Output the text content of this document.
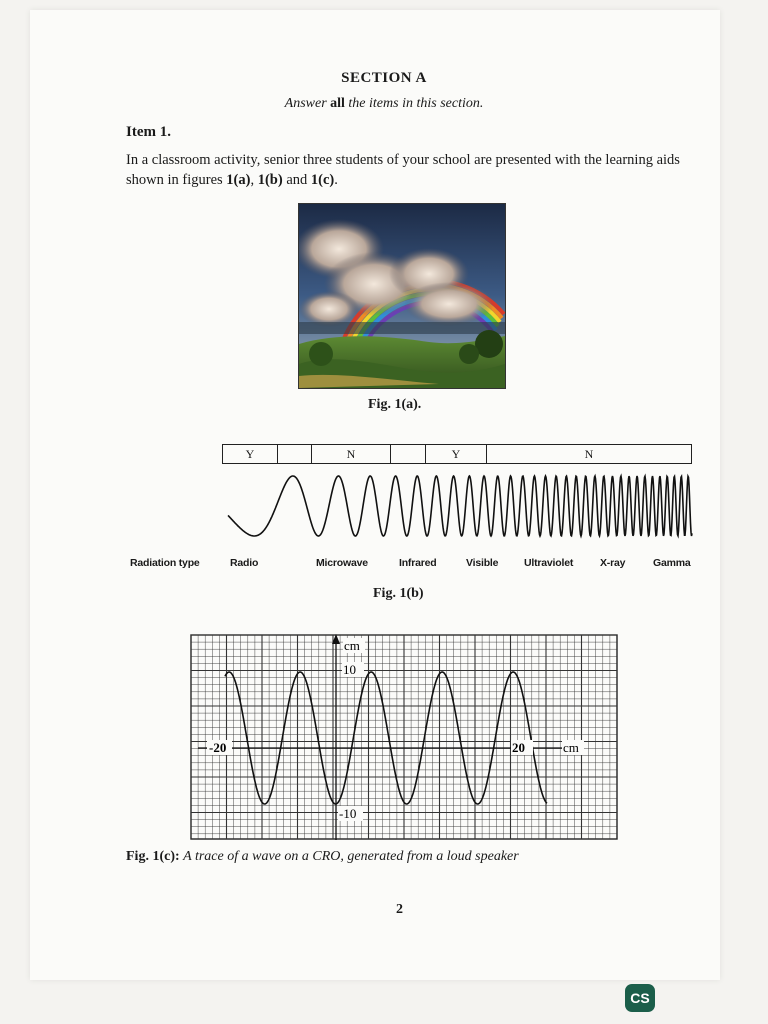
SECTION A
Answer all the items in this section.
Item 1.
In a classroom activity, senior three students of your school are presented with the learning aids shown in figures 1(a), 1(b) and 1(c).
Fig. 1(a).
Y	N	Y	N
Radiation type	Radio	Microwave	Infrared	Visible Ultraviolet	X-ray	Gamma
Fig. 1(b)
cm
10
-10
-20	20	cm
Fig. 1(c): A trace of a wave on a CRO, generated from a loud speaker
2
CS
